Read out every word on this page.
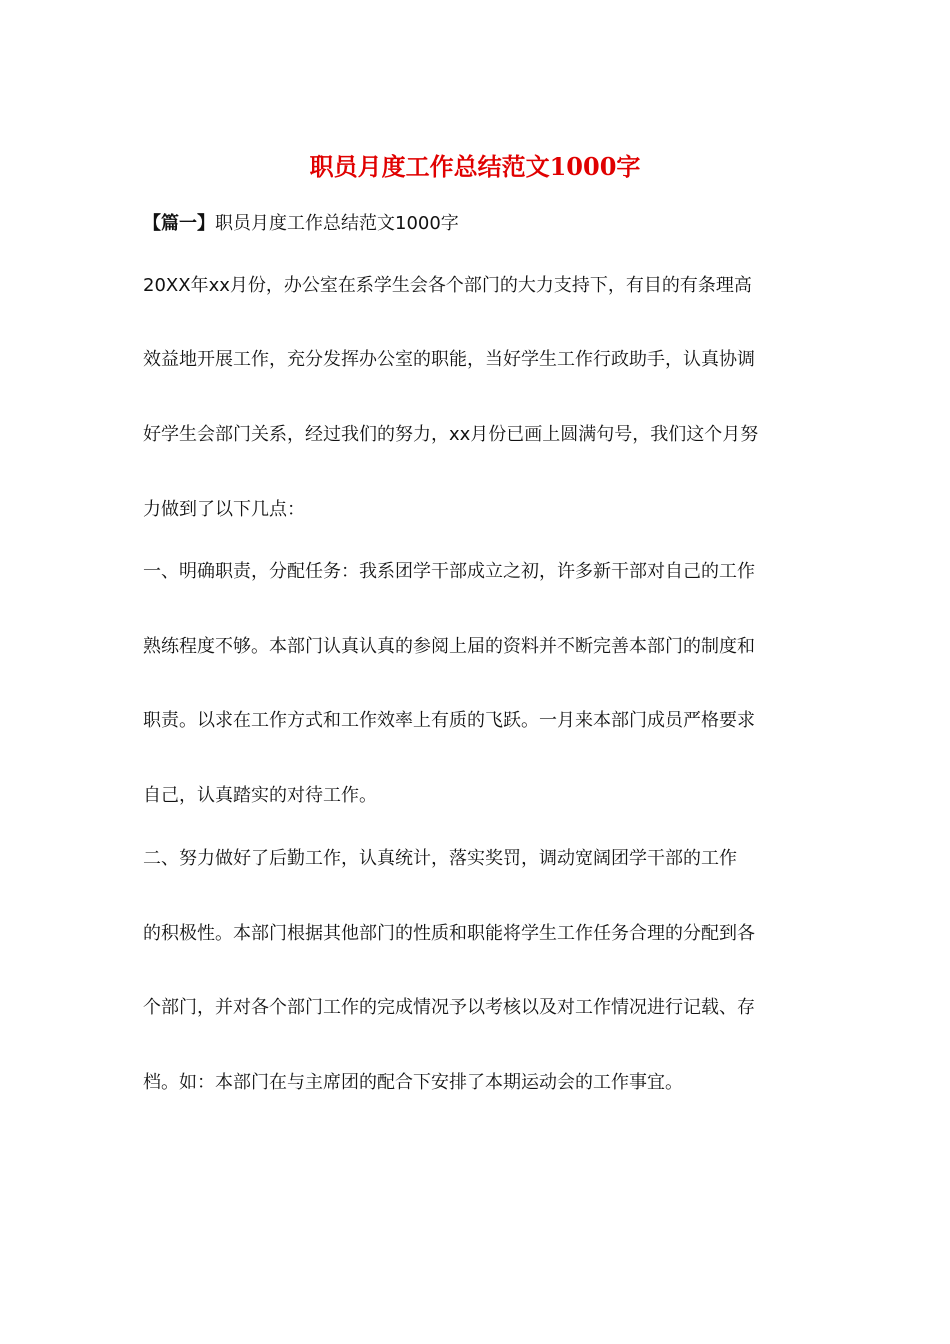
职员月度工作总结范文1000字

【篇一】职员月度工作总结范文1000字

20XX年xx月份，办公室在系学生会各个部门的大力支持下，有目的有条理高

效益地开展工作，充分发挥办公室的职能，当好学生工作行政助手，认真协调

好学生会部门关系，经过我们的努力，xx月份已画上圆满句号，我们这个月努

力做到了以下几点：

一、明确职责，分配任务：我系团学干部成立之初，许多新干部对自己的工作

熟练程度不够。本部门认真认真的参阅上届的资料并不断完善本部门的制度和

职责。以求在工作方式和工作效率上有质的飞跃。一月来本部门成员严格要求

自己，认真踏实的对待工作。

二、努力做好了后勤工作，认真统计，落实奖罚，调动宽阔团学干部的工作

的积极性。本部门根据其他部门的性质和职能将学生工作任务合理的分配到各

个部门，并对各个部门工作的完成情况予以考核以及对工作情况进行记载、存

档。如：本部门在与主席团的配合下安排了本期运动会的工作事宜。
